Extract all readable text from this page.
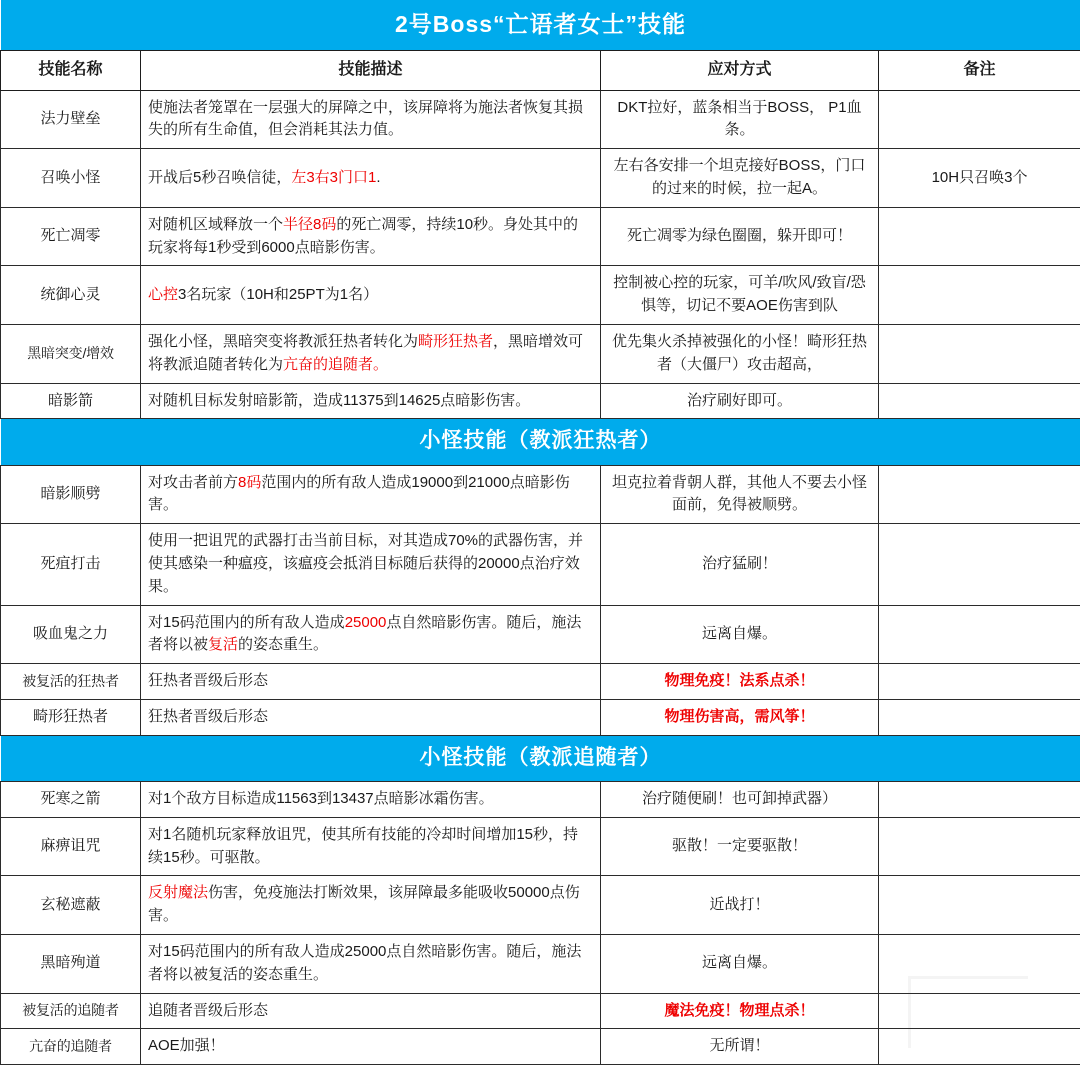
2号Boss“亡语者女士”技能			
技能名称	技能描述	应对方式	备注
法力壁垒	使施法者笼罩在一层强大的屏障之中，该屏障将为施法者恢复其损失的所有生命值，但会消耗其法力值。	DKT拉好，蓝条相当于BOSS， P1血条。	
召唤小怪	开战后5秒召唤信徒，左3右3门口1.	左右各安排一个坦克接好BOSS，门口的过来的时候，拉一起A。	10H只召唤3个
死亡凋零	对随机区域释放一个半径8码的死亡凋零，持续10秒。身处其中的玩家将每1秒受到6000点暗影伤害。	死亡凋零为绿色圈圈，躲开即可！	
统御心灵	心控3名玩家（10H和25PT为1名）	控制被心控的玩家，可羊/吹风/致盲/恐惧等，切记不要AOE伤害到队	

黑暗突变/增效	强化小怪，黑暗突变将教派狂热者转化为畸形狂热者，黑暗增效可将教派追随者转化为亢奋的追随者。	优先集火杀掉被强化的小怪！畸形狂热者（大僵尸）攻击超高，	

暗影箭	对随机目标发射暗影箭，造成11375到14625点暗影伤害。	治疗刷好即可。	
小怪技能（教派狂热者）			
暗影顺劈	对攻击者前方8码范围内的所有敌人造成19000到21000点暗影伤害。	坦克拉着背朝人群，其他人不要去小怪面前，免得被顺劈。	
死疽打击	使用一把诅咒的武器打击当前目标，对其造成70%的武器伤害，并使其感染一种瘟疫，该瘟疫会抵消目标随后获得的20000点治疗效果。	治疗猛刷！	
吸血鬼之力	对15码范围内的所有敌人造成25000点自然暗影伤害。随后，施法者将以被复活的姿态重生。	远离自爆。	
被复活的狂热者	狂热者晋级后形态	物理免疫！法系点杀！	
畸形狂热者	狂热者晋级后形态	物理伤害高，需风筝！	
小怪技能（教派追随者）			
死寒之箭	对1个敌方目标造成11563到13437点暗影冰霜伤害。	治疗随便刷！也可卸掉武器）	
麻痹诅咒	对1名随机玩家释放诅咒，使其所有技能的冷却时间增加15秒，持续15秒。可驱散。	驱散！一定要驱散！	
玄秘遮蔽	反射魔法伤害，免疫施法打断效果，该屏障最多能吸收50000点伤害。	近战打！	
黑暗殉道	对15码范围内的所有敌人造成25000点自然暗影伤害。随后，施法者将以被复活的姿态重生。	远离自爆。	
被复活的追随者	追随者晋级后形态	魔法免疫！物理点杀！	
亢奋的追随者	AOE加强！	无所谓！	
